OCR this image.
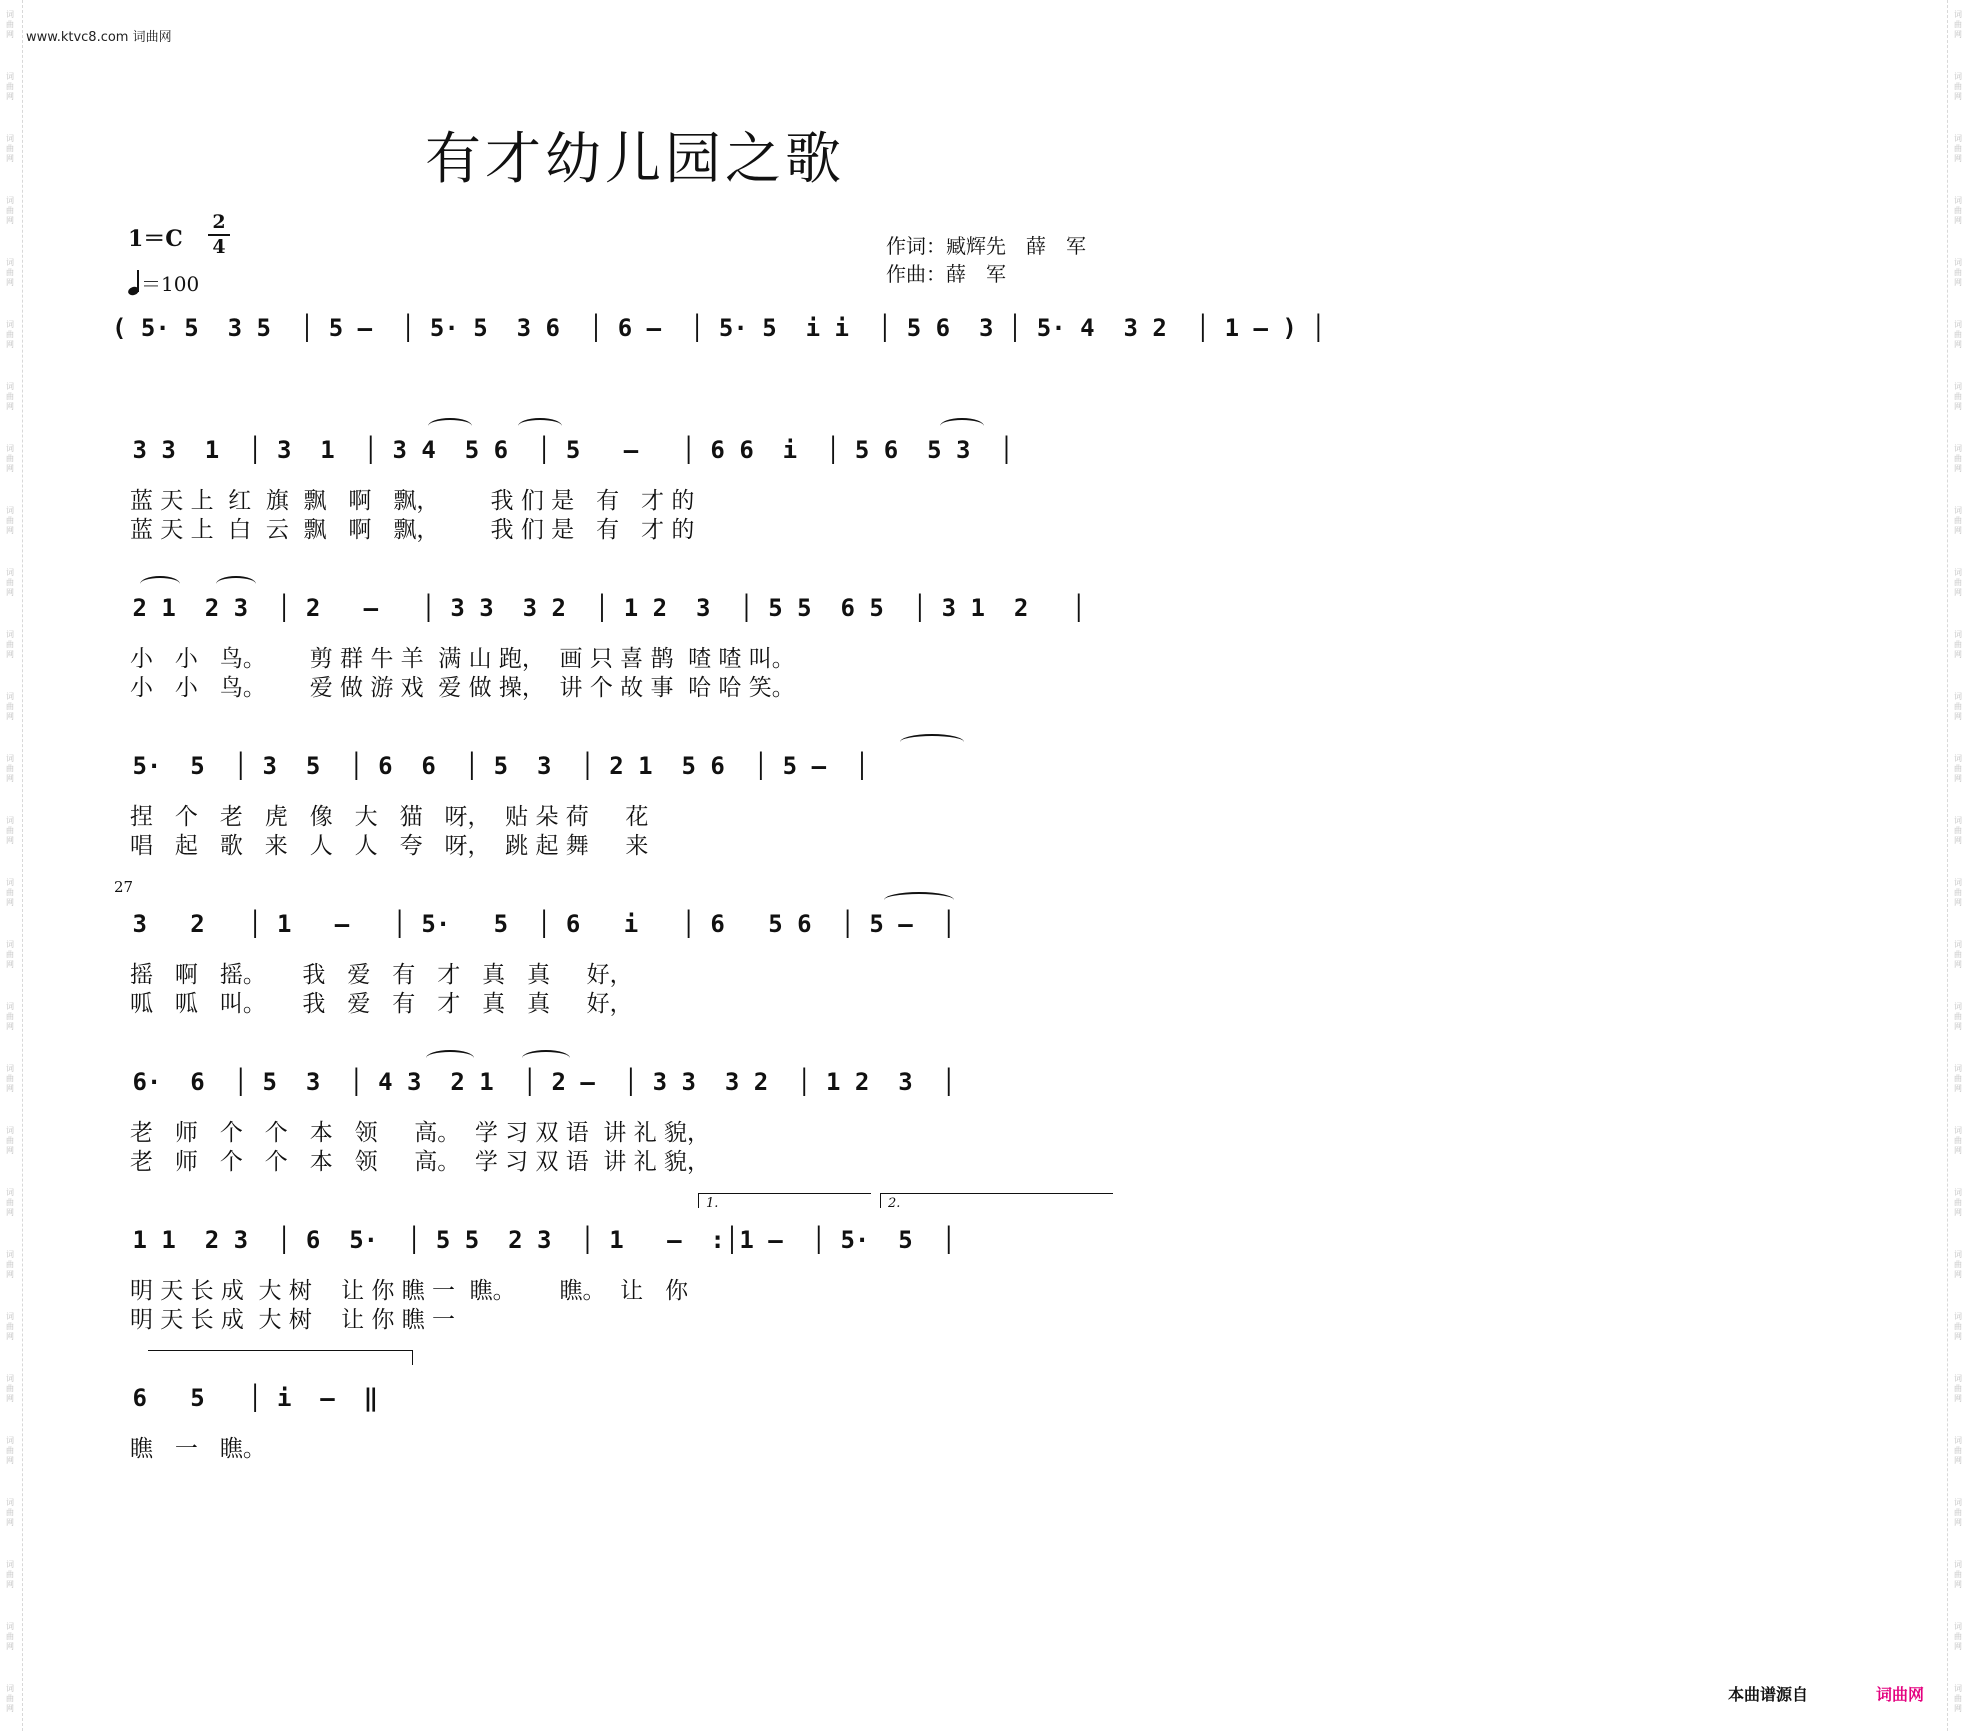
词
曲
网
词
曲
网
词
曲
网
词
曲
网
词
曲
网
词
曲
网
词
曲
网
词
曲
网
词
曲
网
词
曲
网
词
曲
网
词
曲
网
词
曲
网
词
曲
网
词
曲
网
词
曲
网
词
曲
网
词
曲
网
词
曲
网
词
曲
网
词
曲
网
词
曲
网
词
曲
网
词
曲
网
词
曲
网
词
曲
网
词
曲
网
词
曲
网
词
曲
网
词
曲
网
词
曲
网
词
曲
网
词
曲
网
词
曲
网
词
曲
网
词
曲
网
词
曲
网
词
曲
网
词
曲
网
词
曲
网
词
曲
网
词
曲
网
词
曲
网
词
曲
网
词
曲
网
词
曲
网
词
曲
网
词
曲
网
词
曲
网
词
曲
网
词
曲
网
词
曲
网
词
曲
网
词
曲
网
词
曲
网
词
曲
网
www.ktvc8.com 词曲网
有才幼儿园之歌
1＝C
2
4
＝100
作词：臧辉先　薛　军
作曲：薛　军
( 5· 5  3 5  │ 5 –  │ 5· 5  3 6  │ 6 –  │ 5· 5  i i  │ 5 6  3 │ 5· 4  3 2  │ 1 – ) │
3 3  1  │ 3  1  │ 3 4  5 6  │ 5   –   │ 6 6  i  │ 5 6  5 3  │
蓝 天 上  红  旗  飘   啊   飘，       我 们 是   有   才 的
蓝 天 上  白  云  飘   啊   飘，       我 们 是   有   才 的
2 1  2 3  │ 2   –   │ 3 3  3 2  │ 1 2  3  │ 5 5  6 5  │ 3 1  2   │
小   小   鸟。      剪 群 牛 羊  满 山 跑，  画 只 喜 鹊  喳 喳 叫。
小   小   鸟。      爱 做 游 戏  爱 做 操，  讲 个 故 事  哈 哈 笑。
5·  5  │ 3  5  │ 6  6  │ 5  3  │ 2 1  5 6  │ 5 –  │
捏   个   老   虎   像   大   猫   呀，  贴 朵 荷     花
唱   起   歌   来   人   人   夸   呀，  跳 起 舞     来
27
3   2   │ 1   –   │ 5·   5  │ 6   i   │ 6   5 6  │ 5 –  │
摇   啊   摇。     我   爱   有   才   真   真     好，
呱   呱   叫。     我   爱   有   才   真   真     好，
6·  6  │ 5  3  │ 4 3  2 1  │ 2 –  │ 3 3  3 2  │ 1 2  3  │
老   师   个   个   本   领     高。  学 习 双 语  讲 礼 貌，
老   师   个   个   本   领     高。  学 习 双 语  讲 礼 貌，
1.	2.
1 1  2 3  │ 6  5·  │ 5 5  2 3  │ 1   –  :│1 –  │ 5·  5  │
明 天 长 成  大 树    让 你 瞧 一  瞧。      瞧。  让   你
明 天 长 成  大 树    让 你 瞧 一
6   5   │ i  –  ‖
瞧   一   瞧。
本曲谱源自	词曲网
